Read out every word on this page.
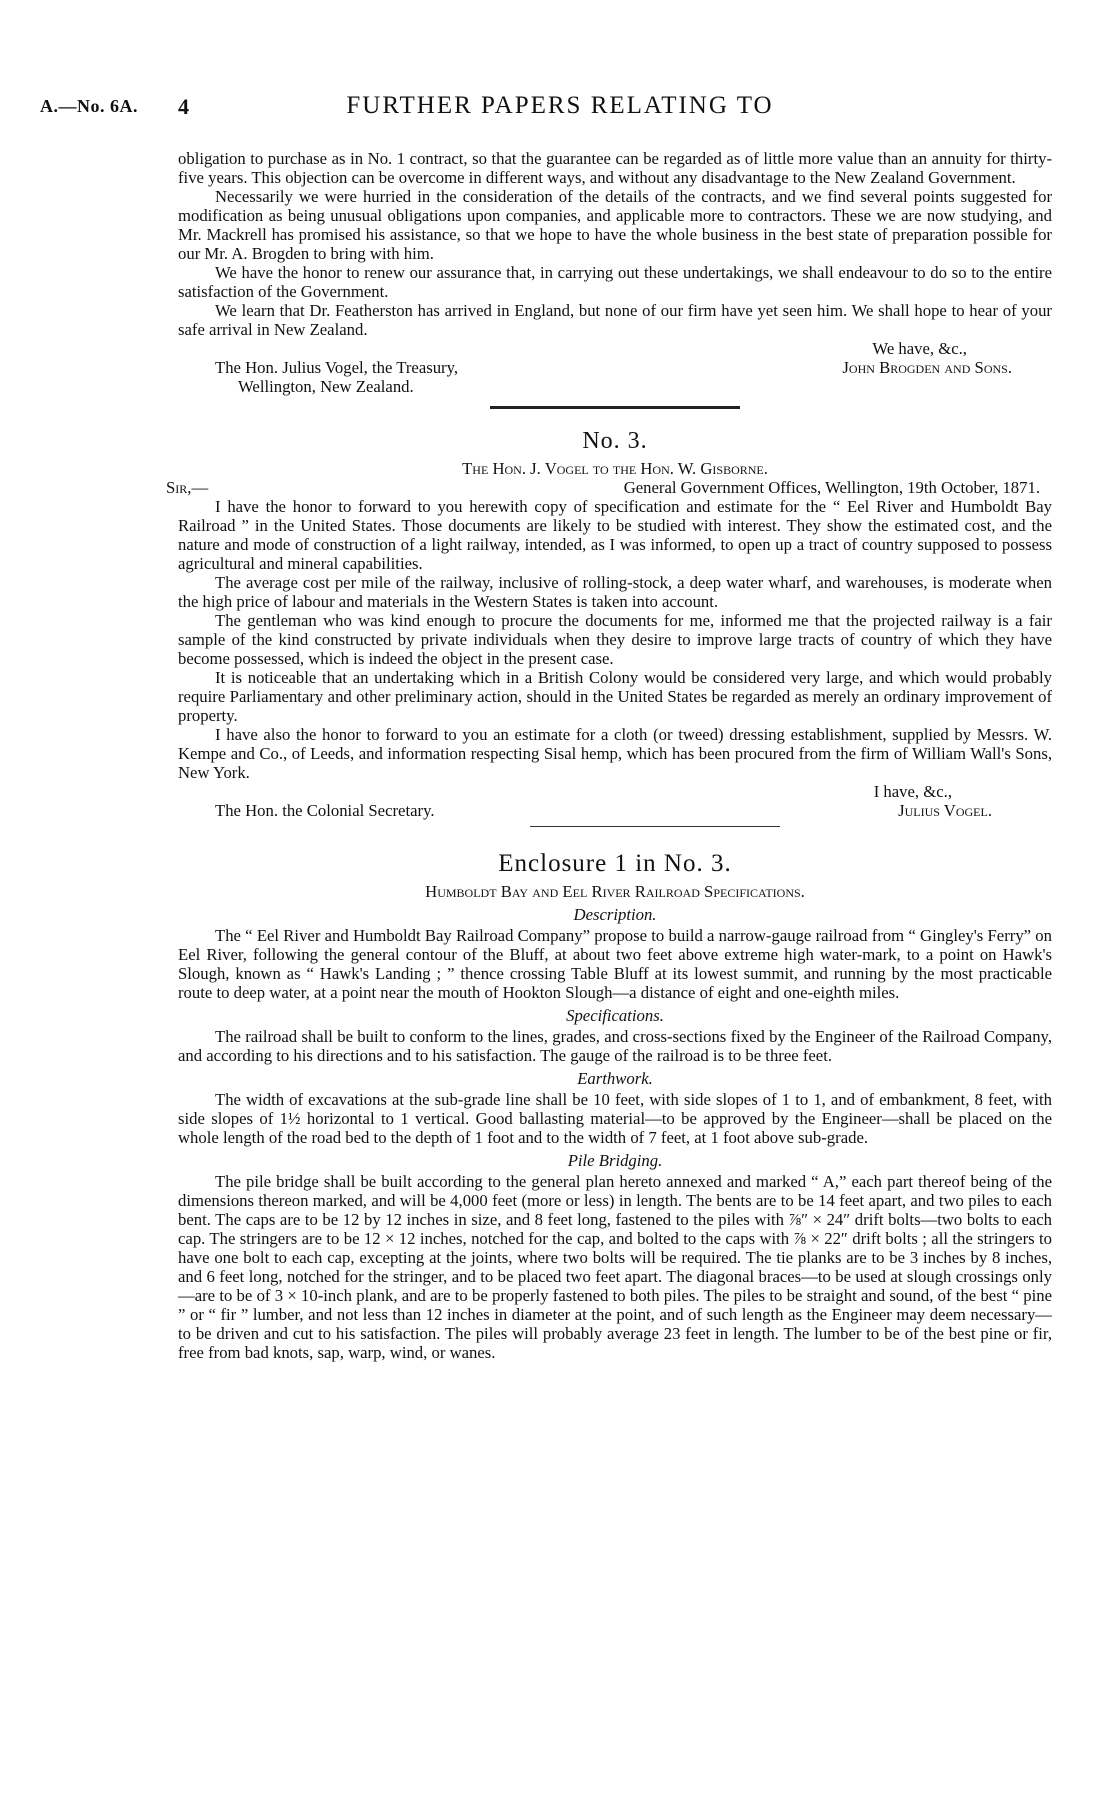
A.—No. 6A. 4	FURTHER PAPERS RELATING TO

obligation to purchase as in No. 1 contract, so that the guarantee can be regarded as of little more value than an annuity for thirty-five years. This objection can be overcome in different ways, and without any disadvantage to the New Zealand Government.

Necessarily we were hurried in the consideration of the details of the contracts, and we find several points suggested for modification as being unusual obligations upon companies, and applicable more to contractors. These we are now studying, and Mr. Mackrell has promised his assistance, so that we hope to have the whole business in the best state of preparation possible for our Mr. A. Brogden to bring with him.

We have the honor to renew our assurance that, in carrying out these undertakings, we shall endeavour to do so to the entire satisfaction of the Government.

We learn that Dr. Featherston has arrived in England, but none of our firm have yet seen him. We shall hope to hear of your safe arrival in New Zealand.

The Hon. Julius Vogel, the Treasury,
We have, &c.,
John Brogden and Sons.
Wellington, New Zealand.
No. 3.
The Hon. J. Vogel to the Hon. W. Gisborne.
Sir,—	General Government Offices, Wellington, 19th October, 1871.

I have the honor to forward to you herewith copy of specification and estimate for the “ Eel River and Humboldt Bay Railroad ” in the United States. Those documents are likely to be studied with interest. They show the estimated cost, and the nature and mode of construction of a light railway, intended, as I was informed, to open up a tract of country supposed to possess agricultural and mineral capabilities.

The average cost per mile of the railway, inclusive of rolling-stock, a deep water wharf, and warehouses, is moderate when the high price of labour and materials in the Western States is taken into account.

The gentleman who was kind enough to procure the documents for me, informed me that the projected railway is a fair sample of the kind constructed by private individuals when they desire to improve large tracts of country of which they have become possessed, which is indeed the object in the present case.

It is noticeable that an undertaking which in a British Colony would be considered very large, and which would probably require Parliamentary and other preliminary action, should in the United States be regarded as merely an ordinary improvement of property.

I have also the honor to forward to you an estimate for a cloth (or tweed) dressing establishment, supplied by Messrs. W. Kempe and Co., of Leeds, and information respecting Sisal hemp, which has been procured from the firm of William Wall's Sons, New York.

I have, &c.,
The Hon. the Colonial Secretary.	Julius Vogel.
Enclosure 1 in No. 3.
Humboldt Bay and Eel River Railroad Specifications.
Description.

The “ Eel River and Humboldt Bay Railroad Company” propose to build a narrow-gauge railroad from “ Gingley's Ferry” on Eel River, following the general contour of the Bluff, at about two feet above extreme high water-mark, to a point on Hawk's Slough, known as “ Hawk's Landing ; ” thence crossing Table Bluff at its lowest summit, and running by the most practicable route to deep water, at a point near the mouth of Hookton Slough—a distance of eight and one-eighth miles.

Specifications.

The railroad shall be built to conform to the lines, grades, and cross-sections fixed by the Engineer of the Railroad Company, and according to his directions and to his satisfaction. The gauge of the railroad is to be three feet.

Earthwork.

The width of excavations at the sub-grade line shall be 10 feet, with side slopes of 1 to 1, and of embankment, 8 feet, with side slopes of 1½ horizontal to 1 vertical. Good ballasting material—to be approved by the Engineer—shall be placed on the whole length of the road bed to the depth of 1 foot and to the width of 7 feet, at 1 foot above sub-grade.

Pile Bridging.

The pile bridge shall be built according to the general plan hereto annexed and marked “ A,” each part thereof being of the dimensions thereon marked, and will be 4,000 feet (more or less) in length. The bents are to be 14 feet apart, and two piles to each bent. The caps are to be 12 by 12 inches in size, and 8 feet long, fastened to the piles with ⅞″ × 24″ drift bolts—two bolts to each cap. The stringers are to be 12 × 12 inches, notched for the cap, and bolted to the caps with ⅞ × 22″ drift bolts ; all the stringers to have one bolt to each cap, excepting at the joints, where two bolts will be required. The tie planks are to be 3 inches by 8 inches, and 6 feet long, notched for the stringer, and to be placed two feet apart. The diagonal braces—to be used at slough crossings only—are to be of 3 × 10-inch plank, and are to be properly fastened to both piles. The piles to be straight and sound, of the best “ pine ” or “ fir ” lumber, and not less than 12 inches in diameter at the point, and of such length as the Engineer may deem necessary—to be driven and cut to his satisfaction. The piles will probably average 23 feet in length. The lumber to be of the best pine or fir, free from bad knots, sap, warp, wind, or wanes.
